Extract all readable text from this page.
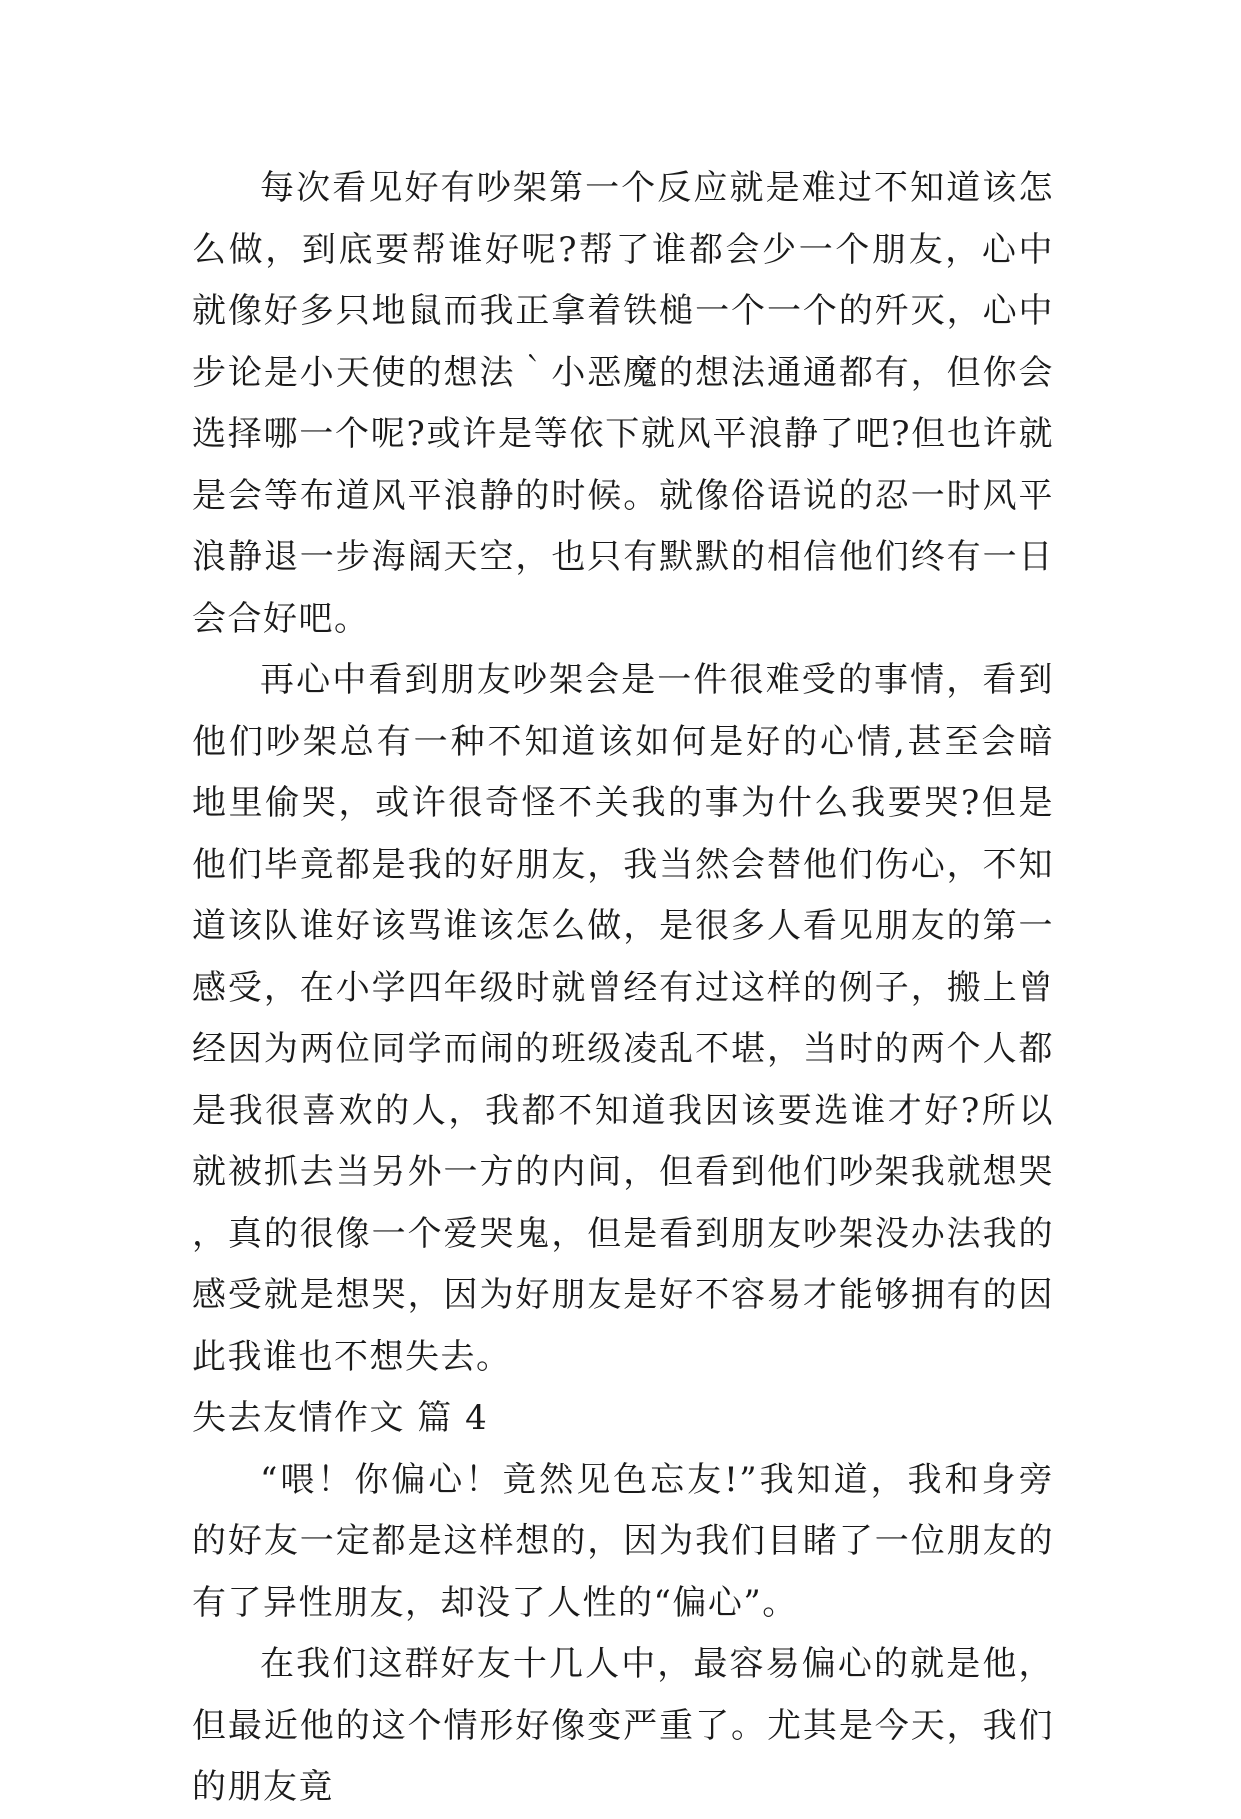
每次看见好有吵架第一个反应就是难过不知道该怎么做，到底要帮谁好呢?帮了谁都会少一个朋友，心中就像好多只地鼠而我正拿着铁槌一个一个的歼灭，心中步论是小天使的想法｀小恶魔的想法通通都有，但你会选择哪一个呢?或许是等依下就风平浪静了吧?但也许就是会等布道风平浪静的时候。就像俗语说的忍一时风平浪静退一步海阔天空，也只有默默的相信他们终有一日会合好吧。

再心中看到朋友吵架会是一件很难受的事情，看到他们吵架总有一种不知道该如何是好的心情,甚至会暗地里偷哭，或许很奇怪不关我的事为什么我要哭?但是他们毕竟都是我的好朋友，我当然会替他们伤心，不知道该队谁好该骂谁该怎么做，是很多人看见朋友的第一感受，在小学四年级时就曾经有过这样的例子，搬上曾经因为两位同学而闹的班级凌乱不堪，当时的两个人都是我很喜欢的人，我都不知道我因该要选谁才好?所以就被抓去当另外一方的内间，但看到他们吵架我就想哭，真的很像一个爱哭鬼，但是看到朋友吵架没办法我的感受就是想哭，因为好朋友是好不容易才能够拥有的因此我谁也不想失去。

失去友情作文 篇 4

“喂！你偏心！竟然见色忘友!”我知道，我和身旁的好友一定都是这样想的，因为我们目睹了一位朋友的有了异性朋友，却没了人性的“偏心”。

在我们这群好友十几人中，最容易偏心的就是他，但最近他的这个情形好像变严重了。尤其是今天，我们的朋友竟
